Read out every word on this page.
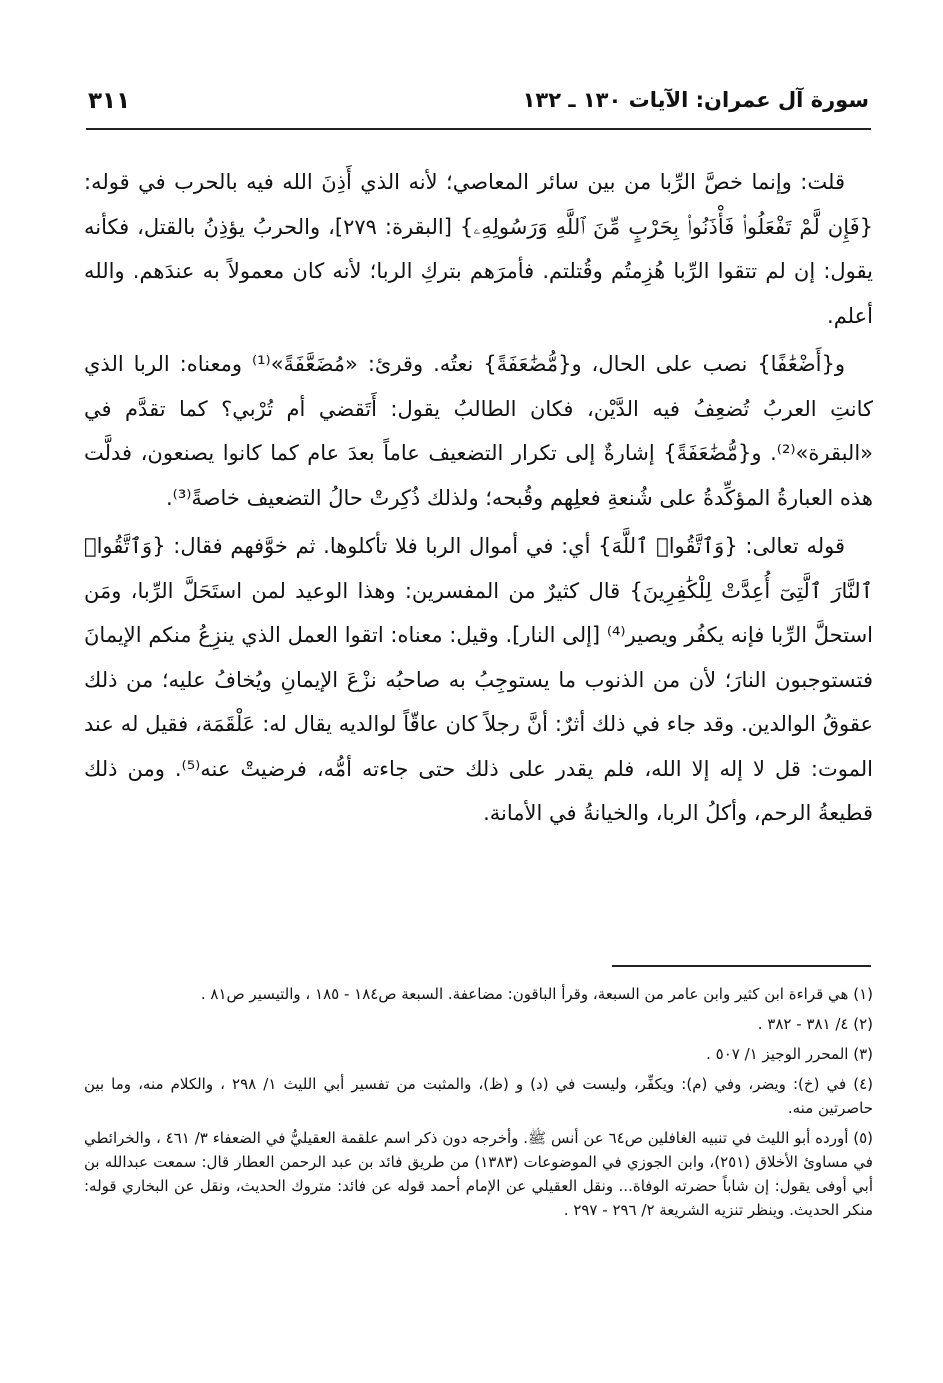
سورة آل عمران: الآيات ١٣٠ ـ ١٣٢
٣١١

قلت: وإنما خصَّ الرِّبا من بين سائر المعاصي؛ لأنه الذي أَذِنَ الله فيه بالحرب في قوله: {فَإِن لَّمْ تَفْعَلُوا۟ فَأْذَنُوا۟ بِحَرْبٍ مِّنَ ٱللَّهِ وَرَسُولِهِۦ} [البقرة: ٢٧٩]، والحربُ يؤذِنُ بالقتل، فكأنه يقول: إن لم تتقوا الرِّبا هُزِمتُم وقُتلتم. فأمرَهم بتركِ الربا؛ لأنه كان معمولاً به عندَهم. والله أعلم.

و{أَضْعَٰفًا} نصب على الحال، و{مُّضَٰعَفَةً} نعتُه. وقرئ: «مُضَعَّفَةً»⁽¹⁾ ومعناه: الربا الذي كانتِ العربُ تُضعِفُ فيه الدَّيْن، فكان الطالبُ يقول: أَتَقضي أم تُرْبي؟ كما تقدَّم في «البقرة»⁽²⁾. و{مُّضَٰعَفَةً} إشارةٌ إلى تكرار التضعيف عاماً بعدَ عام كما كانوا يصنعون، فدلَّت هذه العبارةُ المؤكِّدةُ على شُنعةِ فعلِهم وقُبحه؛ ولذلك ذُكِرتْ حالُ التضعيف خاصةً⁽³⁾.

قوله تعالى: {وَٱتَّقُوا۟ ٱللَّهَ} أي: في أموال الربا فلا تأكلوها. ثم خوَّفهم فقال: {وَٱتَّقُوا۟ ٱلنَّارَ ٱلَّتِىٓ أُعِدَّتْ لِلْكَٰفِرِينَ} قال كثيرٌ من المفسرين: وهذا الوعيد لمن استَحَلَّ الرِّبا، ومَن استحلَّ الرِّبا فإنه يكفُر ويصير⁽⁴⁾ [إلى النار]. وقيل: معناه: اتقوا العمل الذي ينزِعُ منكم الإيمانَ فتستوجبون النارَ؛ لأن من الذنوب ما يستوجِبُ به صاحبُه نزْعَ الإيمانِ ويُخافُ عليه؛ من ذلك عقوقُ الوالدين. وقد جاء في ذلك أثرٌ: أنَّ رجلاً كان عاقّاً لوالديه يقال له: عَلْقَمَة، فقيل له عند الموت: قل لا إله إلا الله، فلم يقدر على ذلك حتى جاءته أمُّه، فرضيتْ عنه⁽⁵⁾. ومن ذلك قطيعةُ الرحم، وأكلُ الربا، والخيانةُ في الأمانة.

(١) هي قراءة ابن كثير وابن عامر من السبعة، وقرأ الباقون: مضاعفة. السبعة ص١٨٤ - ١٨٥ ، والتيسير ص٨١ .

(٢) ٤/ ٣٨١ - ٣٨٢ .

(٣) المحرر الوجيز ١/ ٥٠٧ .

(٤) في (خ): ويضر، وفي (م): ويكفِّر، وليست في (د) و (ظ)، والمثبت من تفسير أبي الليث ١/ ٢٩٨ ، والكلام منه، وما بين حاصرتين منه.

(٥) أورده أبو الليث في تنبيه الغافلين ص٦٤ عن أنس ﷺ. وأخرجه دون ذكر اسم علقمة العقيليُّ في الضعفاء ٣/ ٤٦١ ، والخرائطي في مساوئ الأخلاق (٢٥١)، وابن الجوزي في الموضوعات (١٣٨٣) من طريق فائد بن عبد الرحمن العطار قال: سمعت عبدالله بن أبي أوفى يقول: إن شاباً حضرته الوفاة... ونقل العقيلي عن الإمام أحمد قوله عن فائد: متروك الحديث، ونقل عن البخاري قوله: منكر الحديث. وينظر تنزيه الشريعة ٢/ ٢٩٦ - ٢٩٧ .
